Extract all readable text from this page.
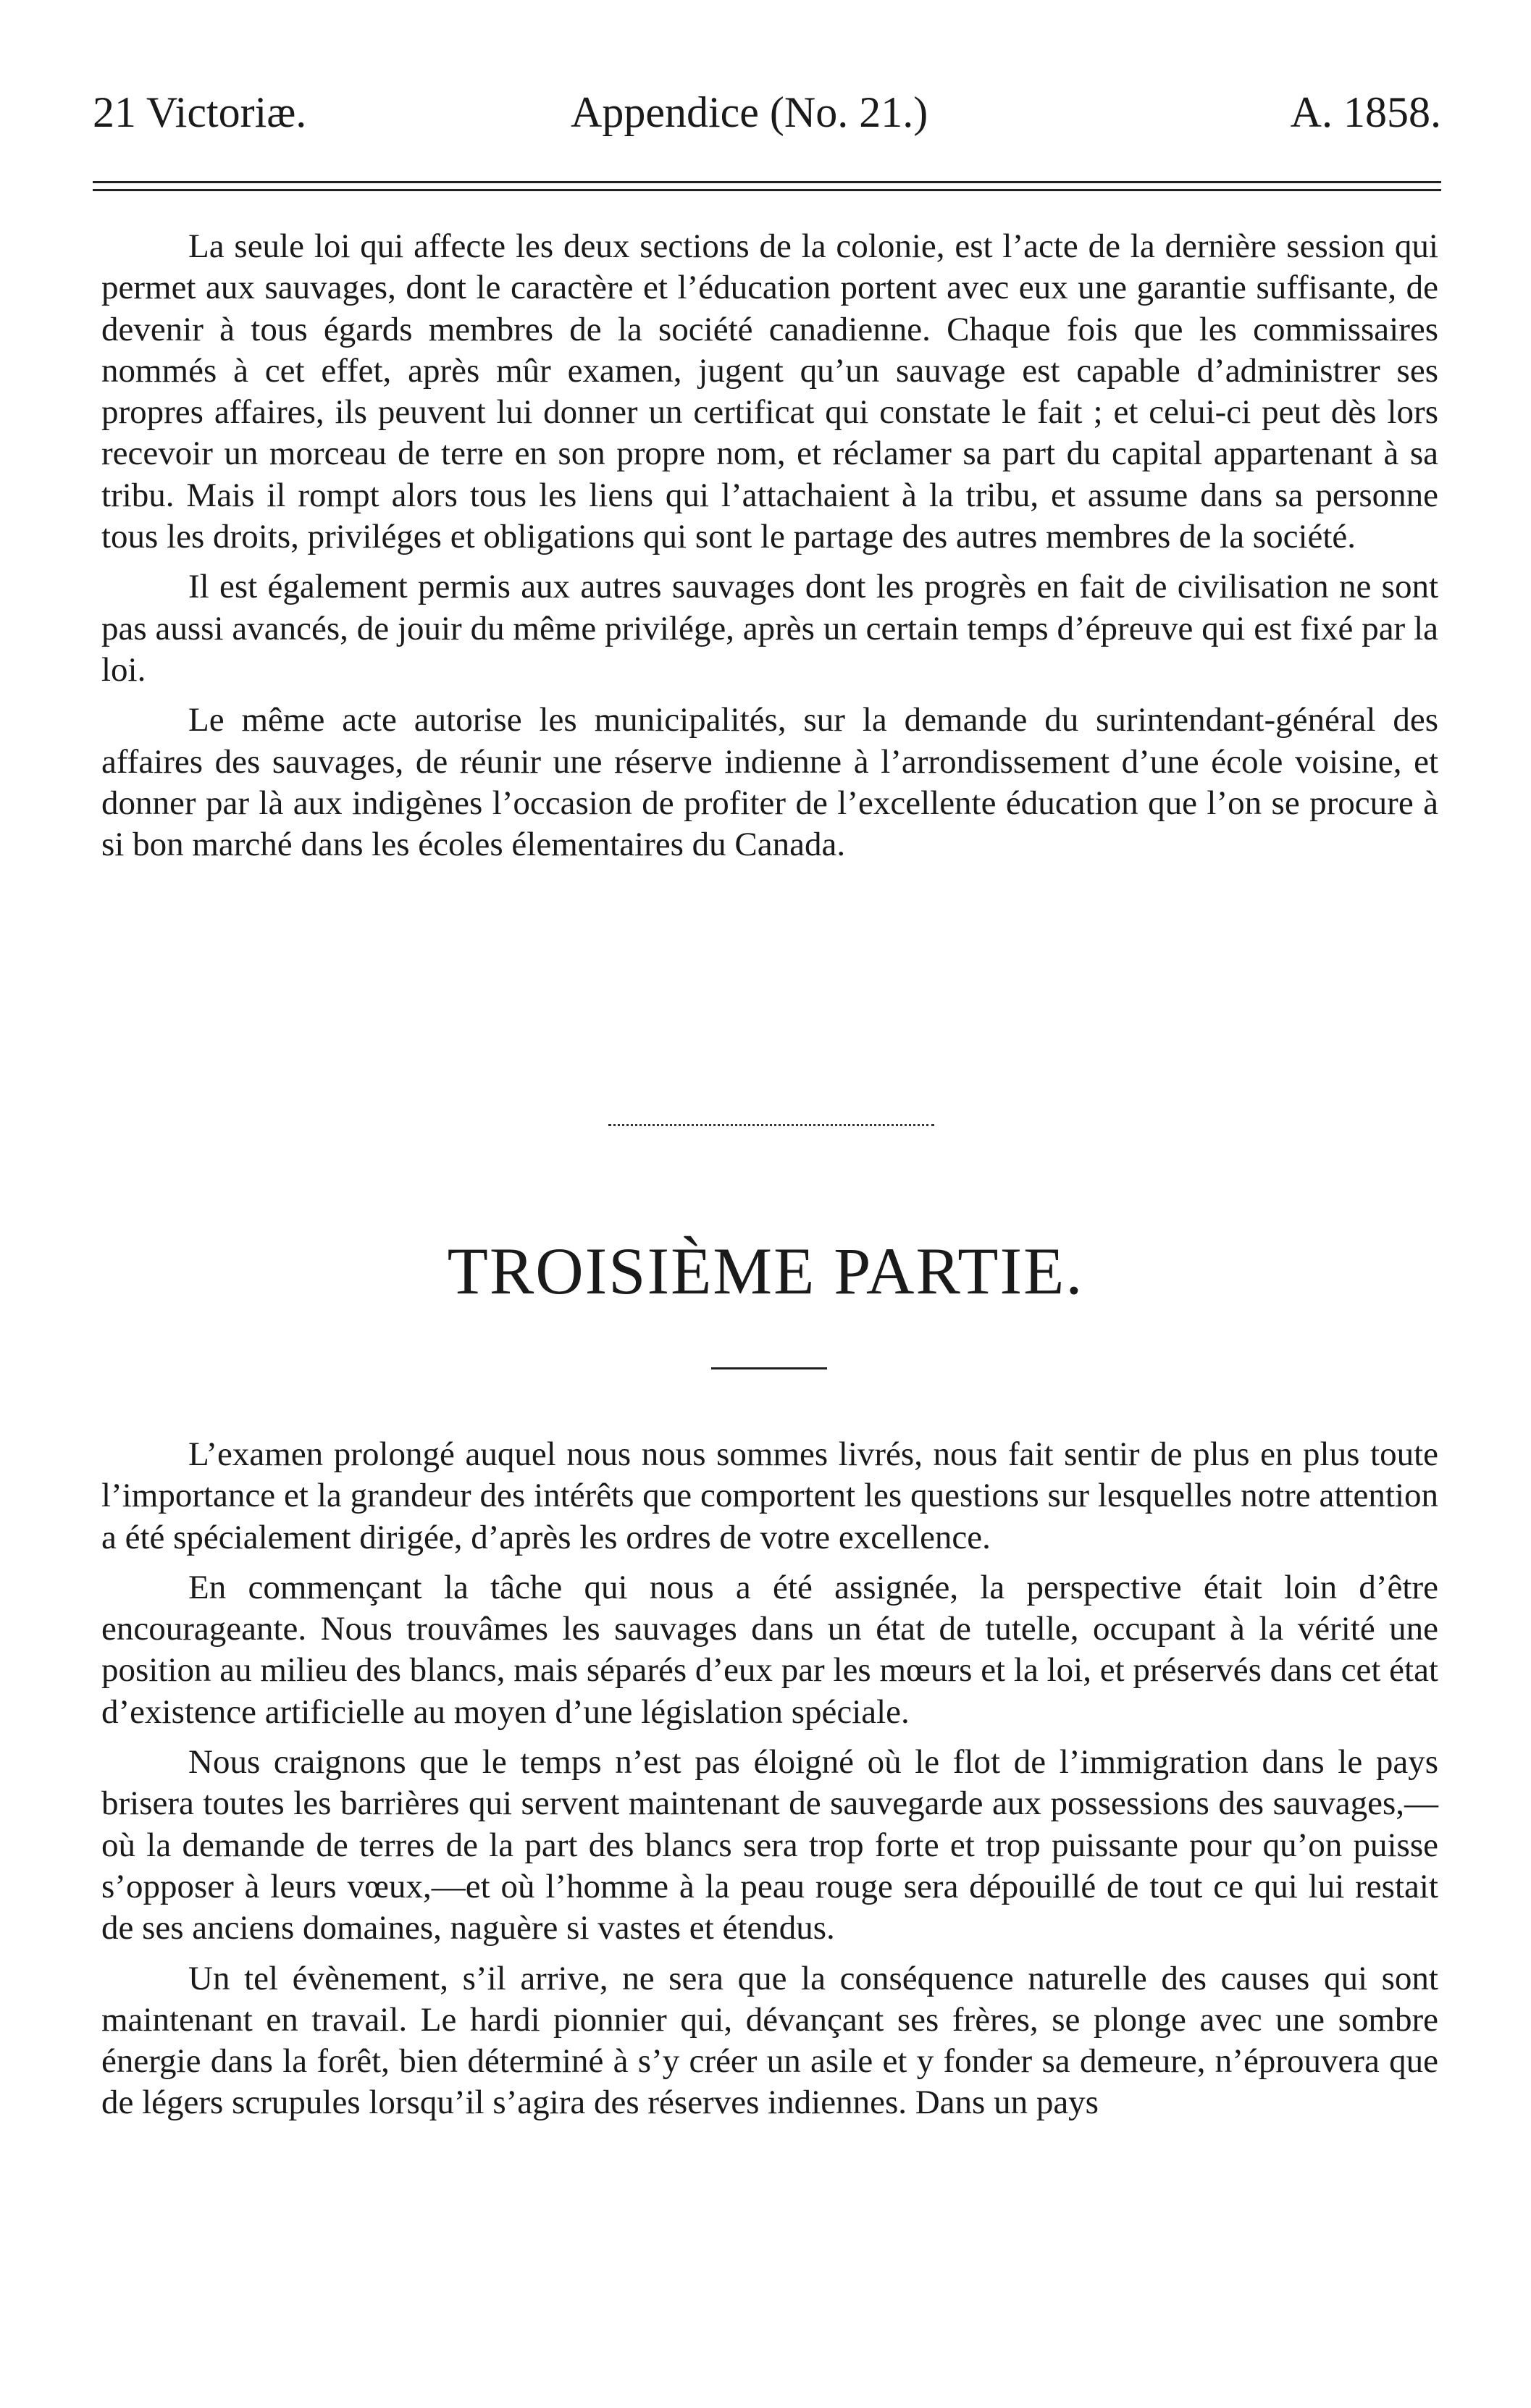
21 Victoriæ.	Appendice (No. 21.)	A. 1858.

La seule loi qui affecte les deux sections de la colonie, est l’acte de la dernière session qui permet aux sauvages, dont le caractère et l’éducation portent avec eux une garantie suffisante, de devenir à tous égards membres de la société canadienne. Chaque fois que les commissaires nommés à cet effet, après mûr examen, jugent qu’un sauvage est capable d’administrer ses propres affaires, ils peuvent lui donner un certificat qui constate le fait ; et celui-ci peut dès lors recevoir un morceau de terre en son propre nom, et réclamer sa part du capital appartenant à sa tribu. Mais il rompt alors tous les liens qui l’attachaient à la tribu, et assume dans sa personne tous les droits, priviléges et obligations qui sont le partage des autres membres de la société.

Il est également permis aux autres sauvages dont les progrès en fait de civilisation ne sont pas aussi avancés, de jouir du même privilége, après un certain temps d’épreuve qui est fixé par la loi.

Le même acte autorise les municipalités, sur la demande du surintendant-général des affaires des sauvages, de réunir une réserve indienne à l’arrondissement d’une école voisine, et donner par là aux indigènes l’occasion de profiter de l’excellente éducation que l’on se procure à si bon marché dans les écoles élementaires du Canada.

TROISIÈME PARTIE.

L’examen prolongé auquel nous nous sommes livrés, nous fait sentir de plus en plus toute l’importance et la grandeur des intérêts que comportent les questions sur lesquelles notre attention a été spécialement dirigée, d’après les ordres de votre excellence.

En commençant la tâche qui nous a été assignée, la perspective était loin d’être encourageante. Nous trouvâmes les sauvages dans un état de tutelle, occupant à la vérité une position au milieu des blancs, mais séparés d’eux par les mœurs et la loi, et préservés dans cet état d’existence artificielle au moyen d’une législation spéciale.

Nous craignons que le temps n’est pas éloigné où le flot de l’immigration dans le pays brisera toutes les barrières qui servent maintenant de sauvegarde aux possessions des sauvages,—où la demande de terres de la part des blancs sera trop forte et trop puissante pour qu’on puisse s’opposer à leurs vœux,—et où l’homme à la peau rouge sera dépouillé de tout ce qui lui restait de ses anciens domaines, naguère si vastes et étendus.

Un tel évènement, s’il arrive, ne sera que la conséquence naturelle des causes qui sont maintenant en travail. Le hardi pionnier qui, dévançant ses frères, se plonge avec une sombre énergie dans la forêt, bien déterminé à s’y créer un asile et y fonder sa demeure, n’éprouvera que de légers scrupules lorsqu’il s’agira des réserves indiennes. Dans un pays
